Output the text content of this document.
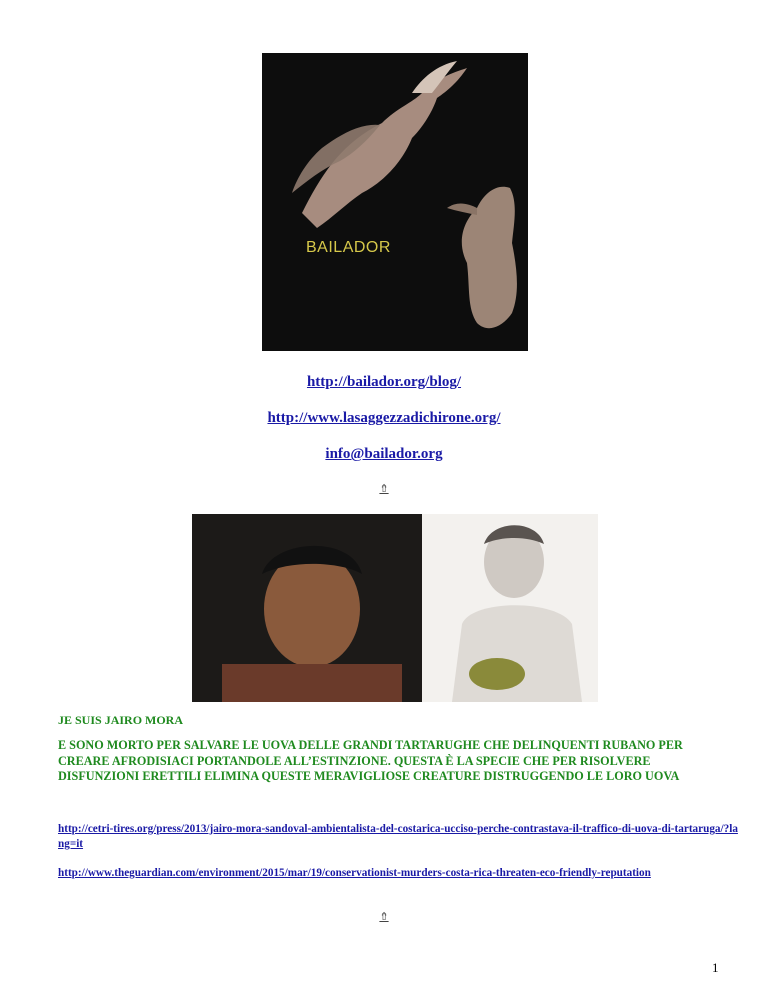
BAILADOR
http://bailador.org/blog/
http://www.lasaggezzadichirone.org/
info@bailador.org
⇮
JE SUIS JAIRO MORA
E SONO MORTO PER SALVARE LE UOVA DELLE GRANDI TARTARUGHE CHE DELINQUENTI RUBANO PER CREARE AFRODISIACI PORTANDOLE ALL’ESTINZIONE. QUESTA È LA SPECIE CHE PER RISOLVERE DISFUNZIONI ERETTILI ELIMINA QUESTE MERAVIGLIOSE CREATURE DISTRUGGENDO LE LORO UOVA
http://cetri-tires.org/press/2013/jairo-mora-sandoval-ambientalista-del-costarica-ucciso-perche-contrastava-il-traffico-di-uova-di-tartaruga/?lang=it
http://www.theguardian.com/environment/2015/mar/19/conservationist-murders-costa-rica-threaten-eco-friendly-reputation
⇮
1
